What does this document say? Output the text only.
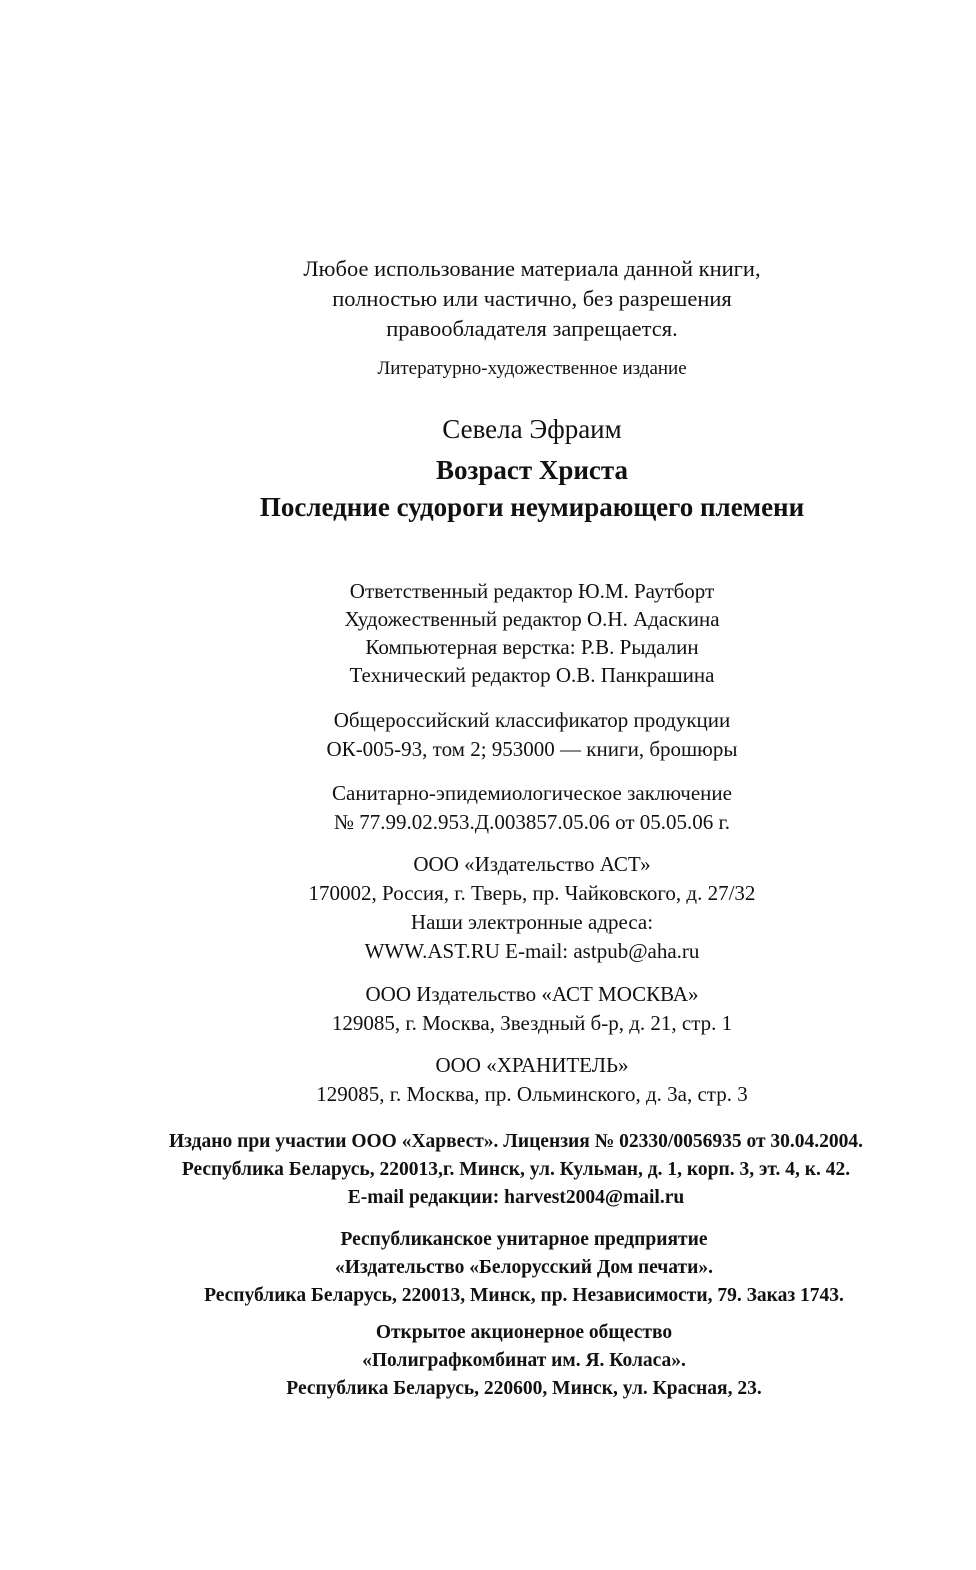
Любое использование материала данной книги,
полностью или частично, без разрешения
правообладателя запрещается.
Литературно-художественное издание
Севела Эфраим
Возраст Христа
Последние судороги неумирающего племени
Ответственный редактор Ю.М. Раутборт
Художественный редактор О.Н. Адаскина
Компьютерная верстка: Р.В. Рыдалин
Технический редактор О.В. Панкрашина
Общероссийский классификатор продукции
ОК-005-93, том 2; 953000 — книги, брошюры
Санитарно-эпидемиологическое заключение
№ 77.99.02.953.Д.003857.05.06 от 05.05.06 г.
ООО «Издательство АСТ»
170002, Россия, г. Тверь, пр. Чайковского, д. 27/32
Наши электронные адреса:
WWW.AST.RU E-mail: astpub@aha.ru
ООО Издательство «АСТ МОСКВА»
129085, г. Москва, Звездный б-р, д. 21, стр. 1
ООО «ХРАНИТЕЛЬ»
129085, г. Москва, пр. Ольминского, д. 3а, стр. 3
Издано при участии ООО «Харвест». Лицензия № 02330/0056935 от 30.04.2004.
Республика Беларусь, 220013,г. Минск, ул. Кульман, д. 1, корп. 3, эт. 4, к. 42.
E-mail редакции: harvest2004@mail.ru
Республиканское унитарное предприятие
«Издательство «Белорусский Дом печати».
Республика Беларусь, 220013, Минск, пр. Независимости, 79. Заказ 1743.
Открытое акционерное общество
«Полиграфкомбинат им. Я. Коласа».
Республика Беларусь, 220600, Минск, ул. Красная, 23.
